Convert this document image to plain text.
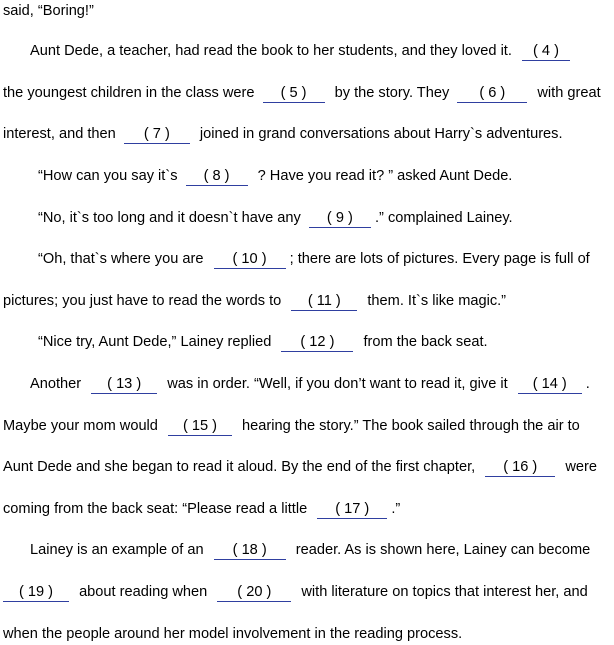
said, “Boring!”
Aunt Dede, a teacher, had read the book to her students, and they loved it. ( 4 )
the youngest children in the class were ( 5 ) by the story. They ( 6 ) with great
interest, and then ( 7 ) joined in grand conversations about Harry`s adventures.
“How can you say it`s ( 8 ) ? Have you read it? ” asked Aunt Dede.
“No, it`s too long and it doesn`t have any ( 9 ) .” complained Lainey.
“Oh, that`s where you are ( 10 ) ; there are lots of pictures. Every page is full of
pictures; you just have to read the words to ( 11 ) them. It`s like magic.”
“Nice try, Aunt Dede,” Lainey replied ( 12 ) from the back seat.
Another ( 13 ) was in order. “Well, if you don’t want to read it, give it ( 14 ) .
Maybe your mom would ( 15 ) hearing the story.” The book sailed through the air to
Aunt Dede and she began to read it aloud. By the end of the first chapter, ( 16 ) were
coming from the back seat: “Please read a little ( 17 ) .”
Lainey is an example of an ( 18 ) reader. As is shown here, Lainey can become
( 19 ) about reading when ( 20 ) with literature on topics that interest her, and
when the people around her model involvement in the reading process.
